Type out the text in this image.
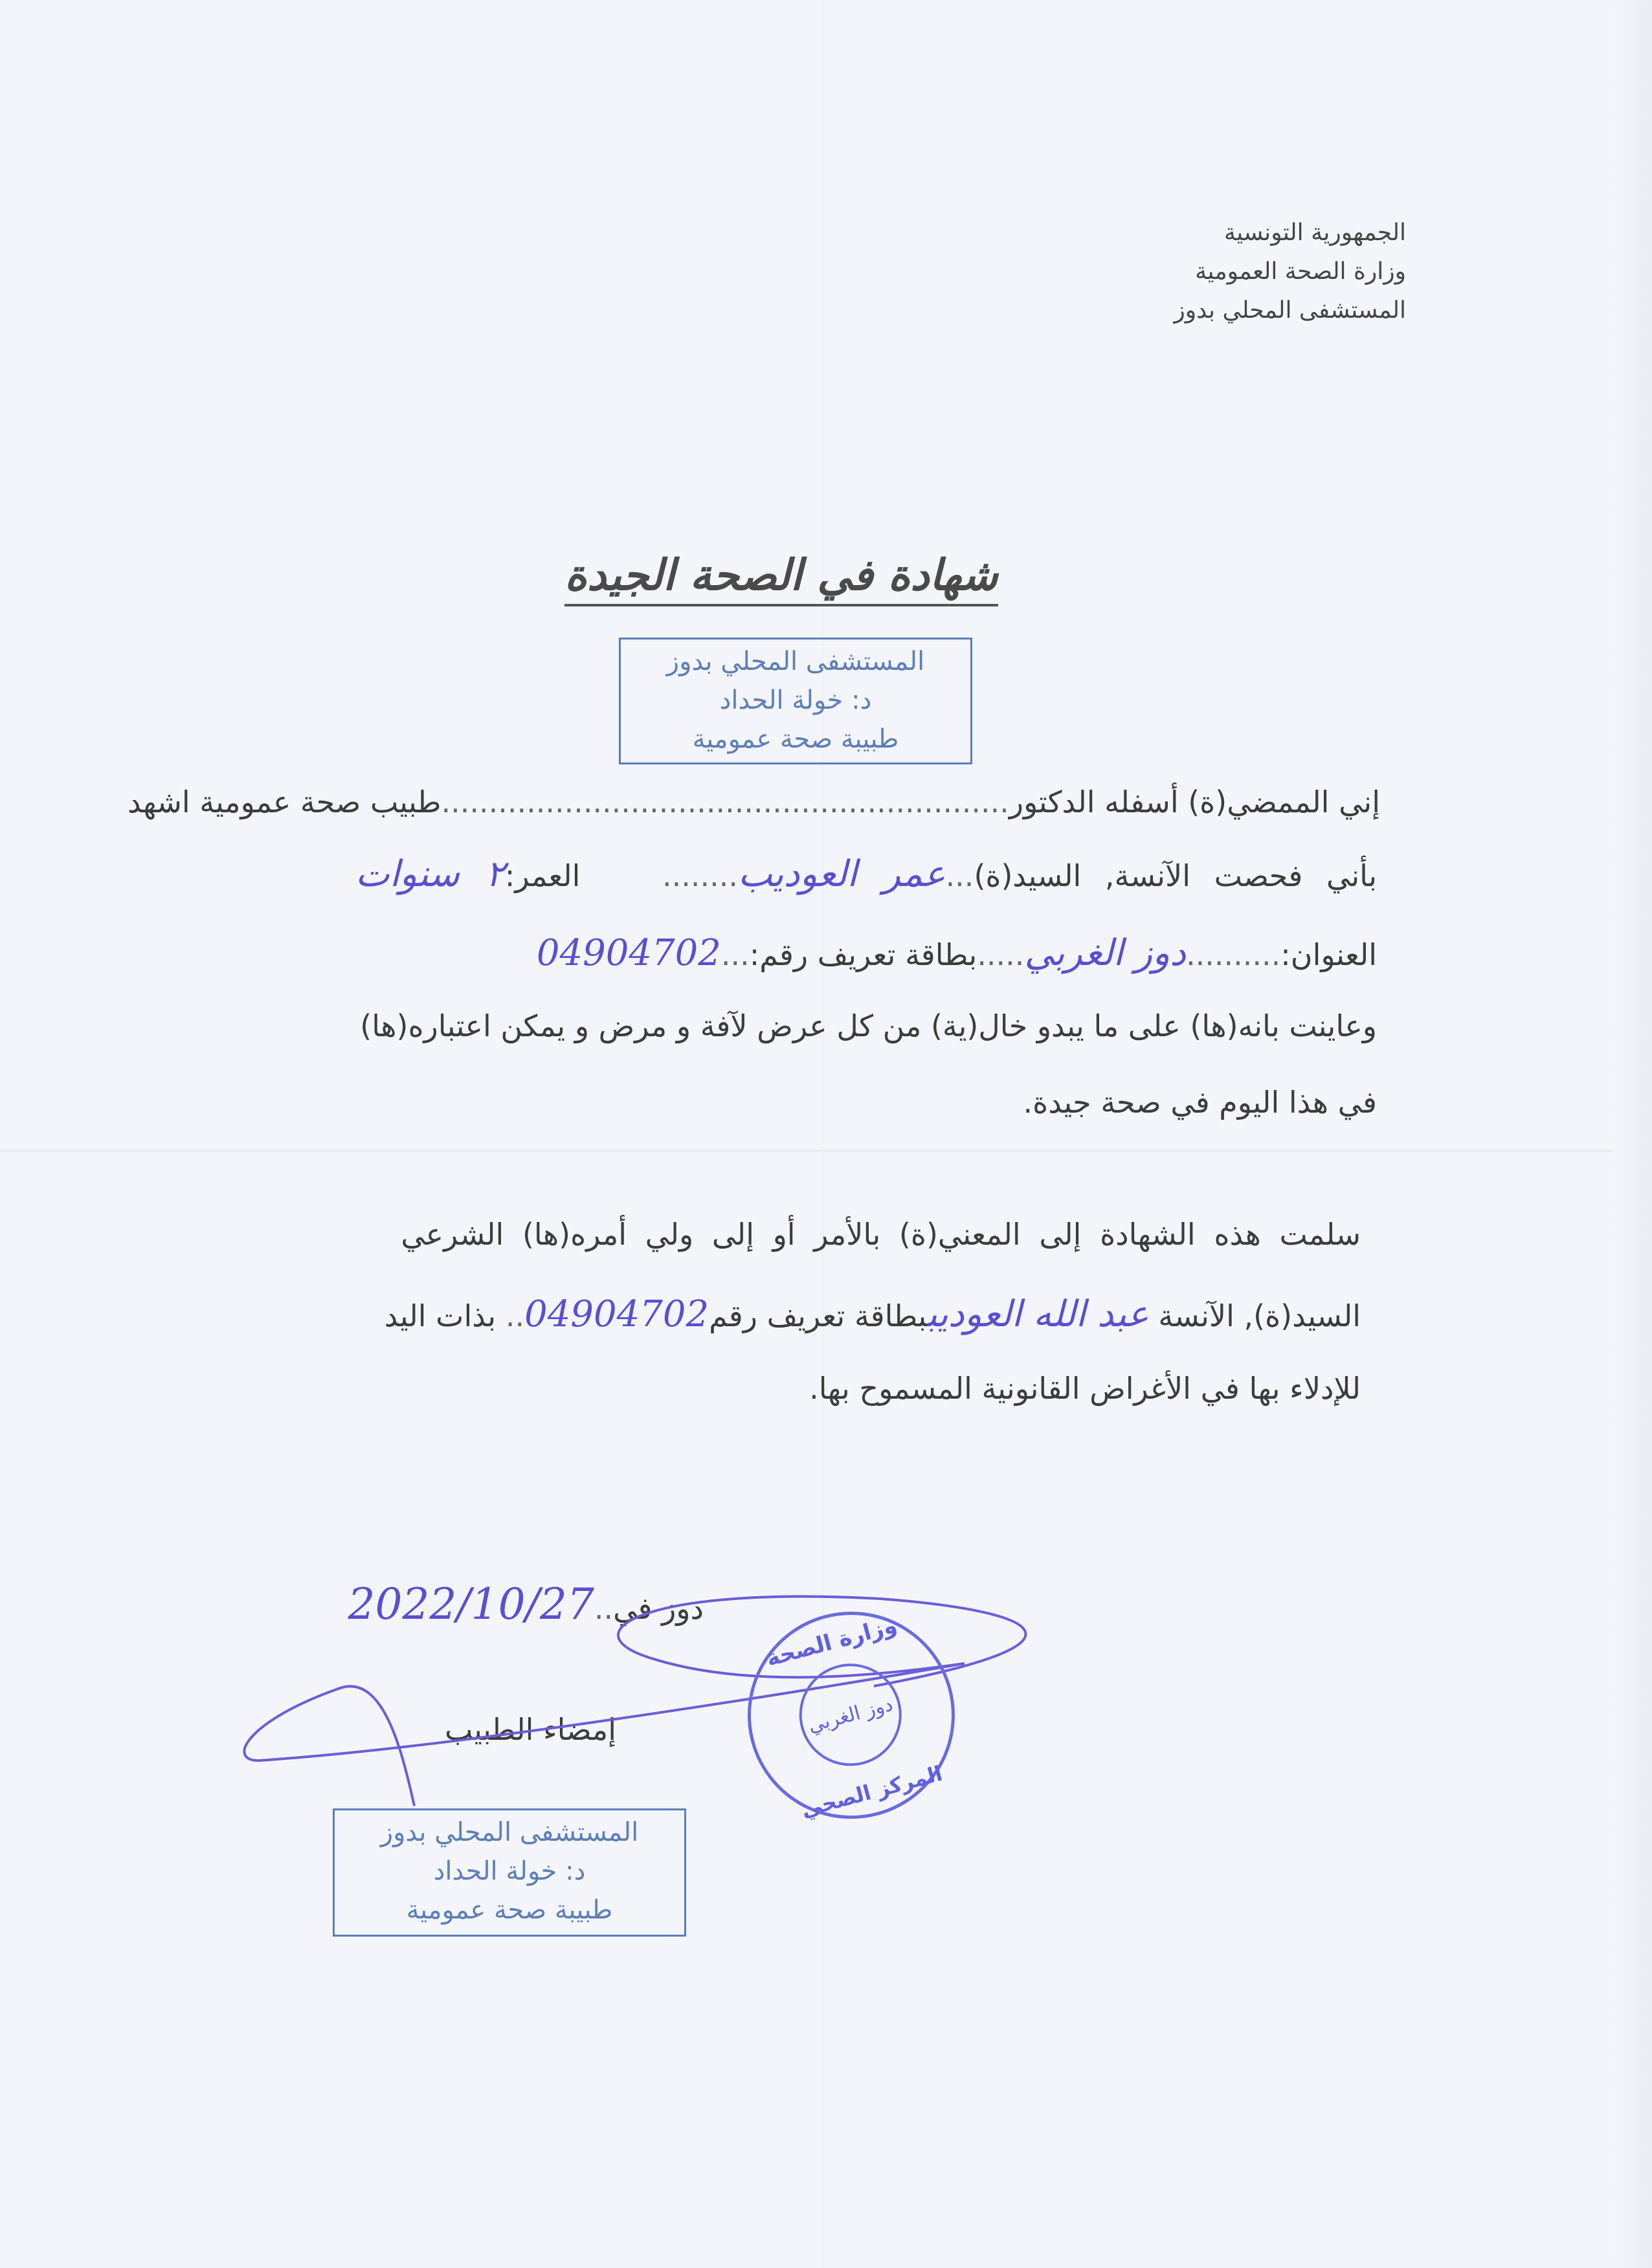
الجمهورية التونسية
وزارة الصحة العمومية
المستشفى المحلي بدوز
شهادة في الصحة الجيدة
المستشفى المحلي بدوز
د: خولة الحداد
طبيبة صحة عمومية
إني الممضي(ة) أسفله الدكتور............................................................طبيب صحة عمومية اشهد
بأني فحصت الآنسة, السيد(ة)...عمر العوديب........ العمر:٢ سنوات
العنوان:..........دوز الغربي.....بطاقة تعريف رقم:...04904702
وعاينت بانه(ها) على ما يبدو خال(ية) من كل عرض لآفة و مرض و يمكن اعتباره(ها)
في هذا اليوم في صحة جيدة.
سلمت هذه الشهادة إلى المعني(ة) بالأمر أو إلى ولي أمره(ها) الشرعي
السيد(ة), الآنسة عبد الله العوديببطاقة تعريف رقم04904702.. بذات اليد
للإدلاء بها في الأغراض القانونية المسموح بها.
دوز في..2022/10/27
إمضاء الطبيب
المستشفى المحلي بدوز
د: خولة الحداد
طبيبة صحة عمومية
وزارة الصحة
دوز الغربي
المركز الصحي
